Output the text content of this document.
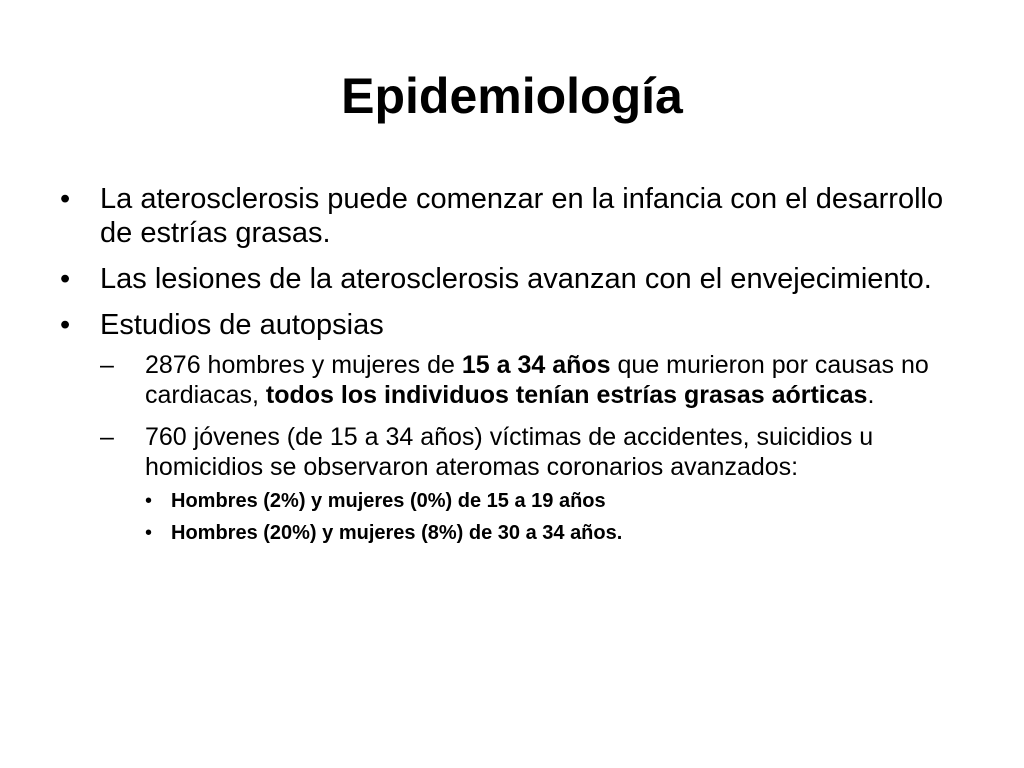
Epidemiología
•	La aterosclerosis puede comenzar en la infancia con el desarrollo de estrías grasas.
•	Las lesiones de la aterosclerosis avanzan con el envejecimiento.
•	Estudios de autopsias
–	2876 hombres y mujeres de 15 a 34 años que murieron por causas no cardiacas, todos los individuos tenían estrías grasas aórticas.
–	760 jóvenes (de 15 a 34 años) víctimas de accidentes, suicidios u homicidios se observaron ateromas coronarios avanzados:
• Hombres (2%) y mujeres (0%) de 15 a 19 años
• Hombres (20%) y mujeres (8%) de 30 a 34 años.
